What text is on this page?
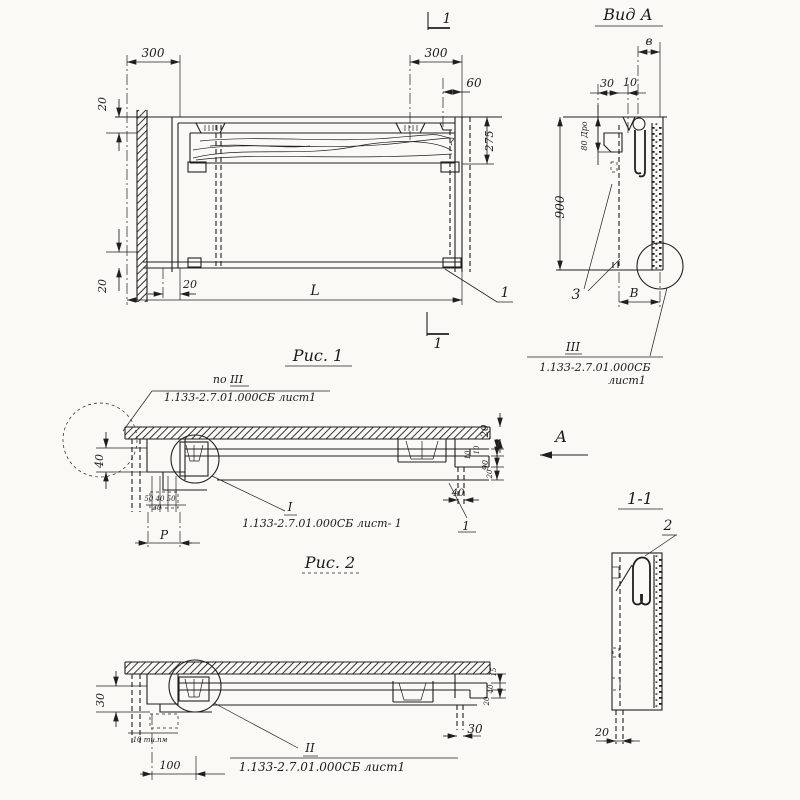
300	300
60
20
275
20	20	L	1
1
1
Рис. 1
Вид А
в
30 10
80 Дро
900
3	В
III
1.133-2.7.01.000СБ
лист1
по III
1.133-2.7.01.000СБ лист1
40
50 40 50
30
Р
20
10
10
90
20
40
1
I
1.133-2.7.01.000СБ лист- 1
Рис. 2
А
1-1
2
20
30
10 ти.пм
100
30
15
40
20
II
1.133-2.7.01.000СБ лист1
